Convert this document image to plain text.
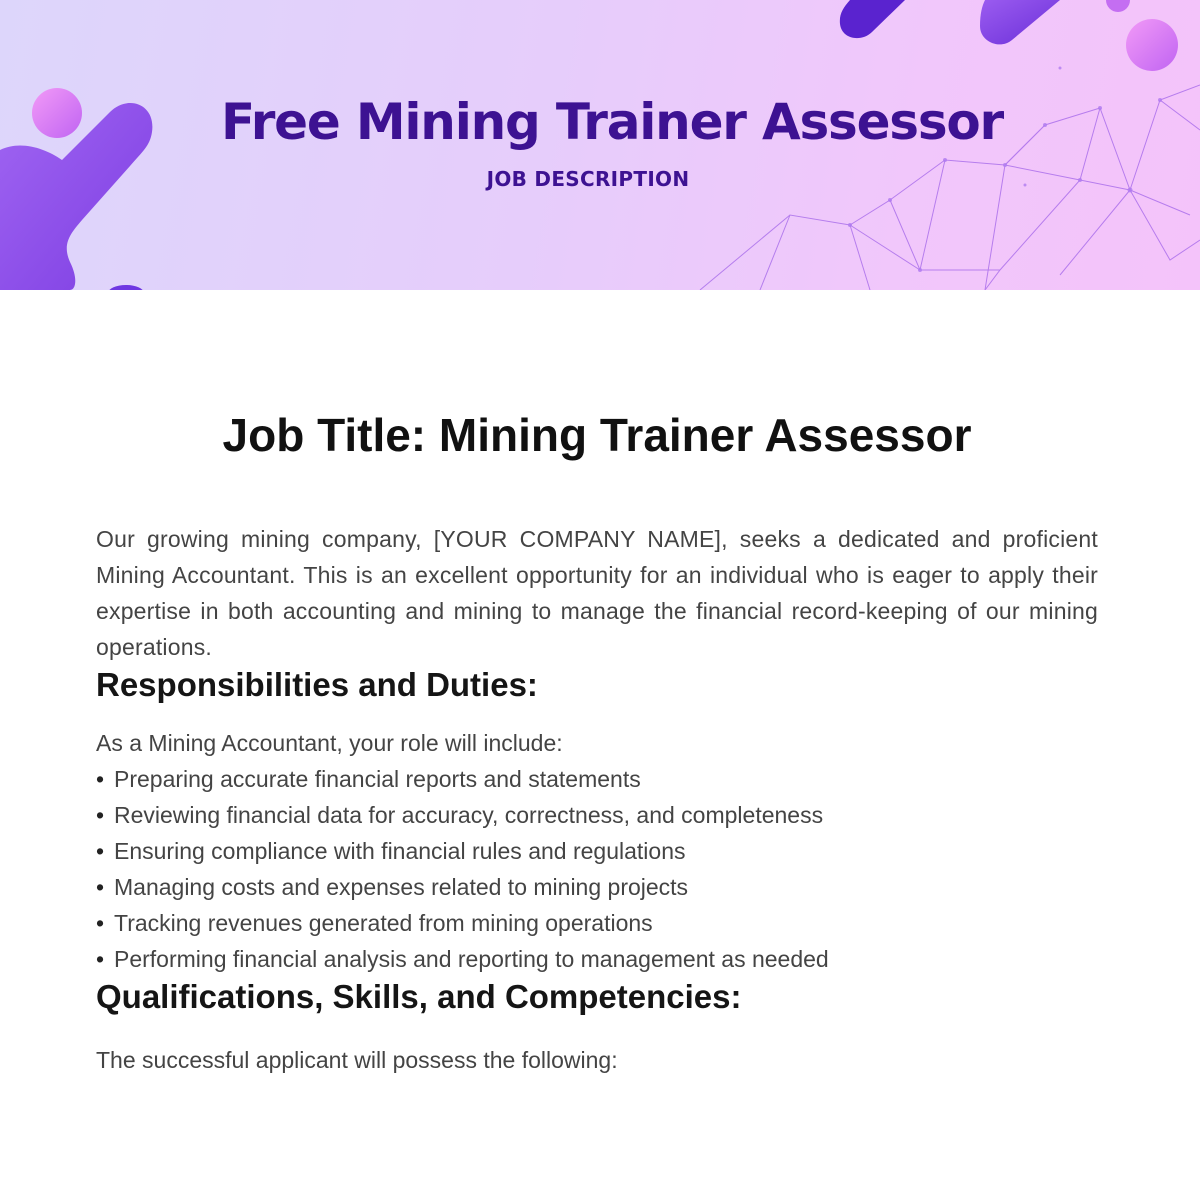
Free Mining Trainer Assessor
JOB DESCRIPTION
Job Title: Mining Trainer Assessor

Our growing mining company, [YOUR COMPANY NAME], seeks a dedicated and proficient Mining Accountant. This is an excellent opportunity for an individual who is eager to apply their expertise in both accounting and mining to manage the financial record-keeping of our mining operations.

Responsibilities and Duties:

As a Mining Accountant, your role will include:

• Preparing accurate financial reports and statements
• Reviewing financial data for accuracy, correctness, and completeness
• Ensuring compliance with financial rules and regulations
• Managing costs and expenses related to mining projects
• Tracking revenues generated from mining operations
• Performing financial analysis and reporting to management as needed
Qualifications, Skills, and Competencies:

The successful applicant will possess the following:
